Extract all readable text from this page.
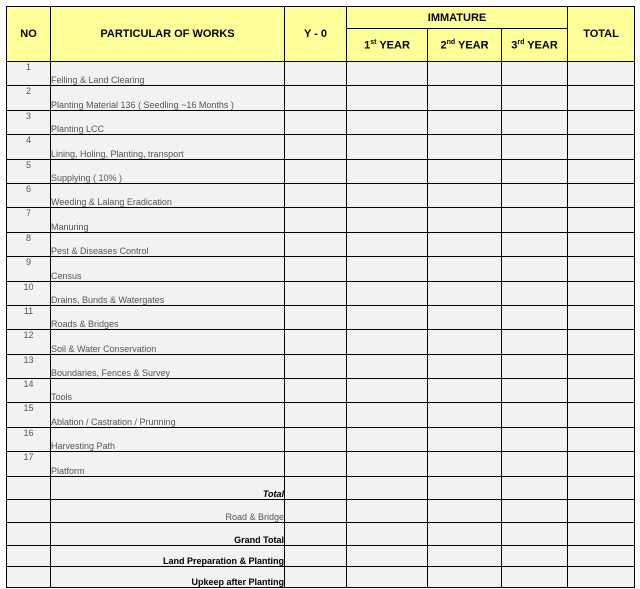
NO	PARTICULAR OF WORKS	Y - 0	IMMATURE			TOTAL
			1st YEAR	2nd YEAR	3rd YEAR	
1	Felling & Land Clearing					
2	Planting Material 136 ( Seedling ~16 Months )					
3	Planting LCC					
4	Lining, Holing, Planting, transport					
5	Supplying ( 10% )					
6	Weeding & Lalang Eradication					
7	Manuring					
8	Pest & Diseases Control					
9	Census					
10	Drains, Bunds & Watergates					
11	Roads & Bridges					
12	Soil & Water Conservation					
13	Boundaries, Fences & Survey					
14	Tools					
15	Ablation / Castration / Prunning					
16	Harvesting Path					
17	Platform					
	Total					
	Road & Bridge					
	Grand Total					
	Land Preparation & Planting					
	Upkeep after Planting					
